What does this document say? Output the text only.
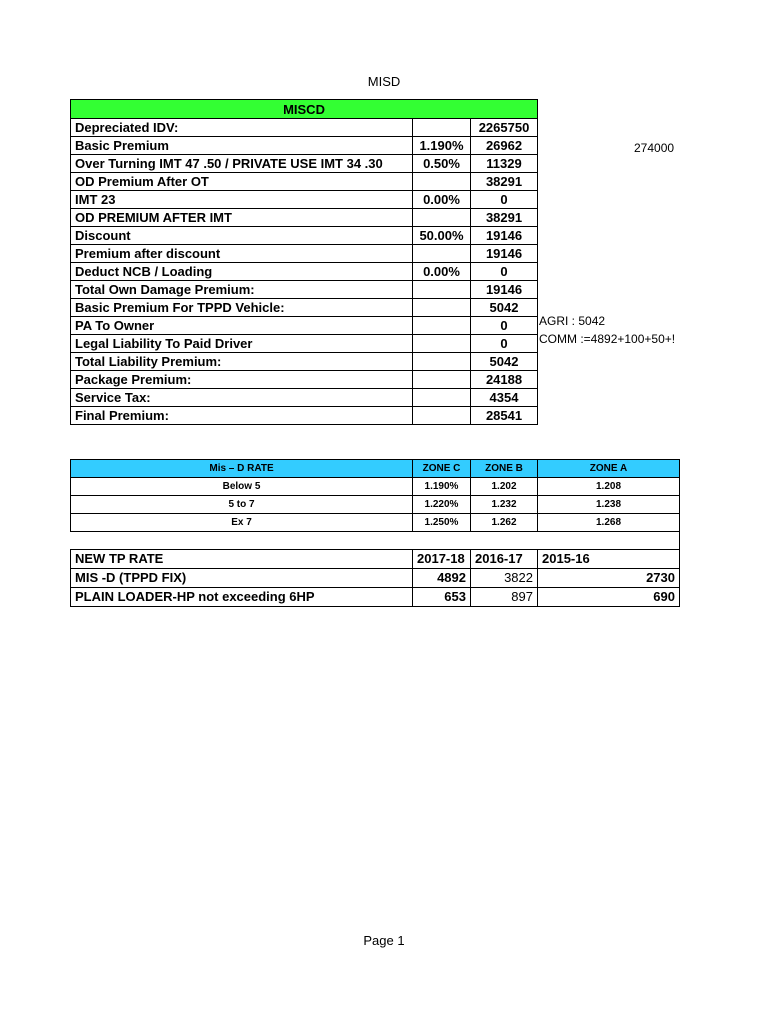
MISD
MISCD		
Depreciated IDV:		2265750
Basic Premium	1.190%	26962
Over Turning IMT 47 .50 / PRIVATE USE IMT 34 .30	0.50%	11329
OD Premium After OT		38291
IMT 23	0.00%	0
OD PREMIUM AFTER IMT		38291
Discount	50.00%	19146
Premium after discount		19146
Deduct NCB / Loading	0.00%	0
Total Own Damage Premium:		19146
Basic Premium For TPPD Vehicle:		5042
PA To Owner		0
Legal Liability To Paid Driver		0
Total Liability Premium:		5042
Package Premium:		24188
Service Tax:		4354
Final Premium:		28541
274000
AGRI : 5042
COMM :=4892+100+50+!
Mis – D RATE	ZONE C	ZONE B	ZONE A
Below 5	1.190%	1.202	1.208
5 to 7	1.220%	1.232	1.238
Ex 7	1.250%	1.262	1.268

NEW TP RATE	2017-18	2016-17	2015-16
MIS -D (TPPD FIX)	4892	3822	2730
PLAIN LOADER-HP not exceeding 6HP	653	897	690
Page 1
